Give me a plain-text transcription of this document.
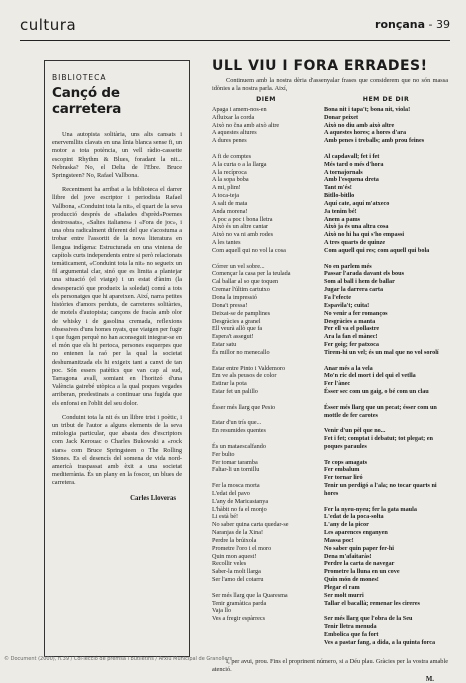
cultura	ronçana - 39
BIBLIOTECA
Cançó de carretera

Una autopista solitària, uns alts cansats i enervemllits clavats en una línia blanca sense fi, un motor a tota potència, un vell ràdio-cassette escopint Rhythm & Blues, foradant la nit... Nebraska? No, el Delta de l'Ebre. Bruce Springsteen? No, Rafael Vallbona.

Recentment ha arribat a la biblioteca el darrer llibre del jove escriptor i periodista Rafael Vallbona, «Conduint tota la nit», el quart de la seva producció després de «Balades d'sprèd»Poemes destrossats», «Saltes italianes» i «Fora de joc», i una obra radicalment diferent del que s'acostuma a trobar entre l'assortit de la nova literatura en llengua indígena: Estructurada en una vintena de capítols curts independents entre si però relacionats temàticament, «Conduint tota la nit» no segueix un fil argumental clar, sinó que es limita a plantejar una situació (el viatge) i un estat d'ànim (la desesperació que produeix la soledat) comú a tots els personatges que hi apareixen. Així, narra petites històries d'amors perduts, de carreteres solitàries, de motels d'autopista; cançons de fracàs amb olor de whisky i de gasolina cremada, reflexions obsessives d'uns homes nyats, que viatgen per fugir i que fugen perquè no han aconseguit integrar-se en el món que els hi pertoca, persones esquerpes que no entenen la raó per la qual la societat deshumanitzada els hi exigeix tant a canvi de tan poc. Són essers patètics que van cap al sud, Tarragona avall, somiant en l'horitzó d'una València gairebé utòpica a la qual poques vegades arriberan, predestinats a continuar una fugida que els enfonsi en l'oblit del seu dolor.

Conduint tota la nit és un llibre trist i poètic, i un tribut de l'autor a alguns elements de la seva mitologia particular, que abasta des d'escriptors com Jack Kerouac o Charles Bukowski a «rock stars» com Bruce Springsteen o The Rolling Stones. Es el desencís del somena de vida nord-americà traspassat amb èxit a una societat mediterrània. És un plany en la foscor, un blues de carretera.

Carles Lloveras
ULL VIU I FORA ERRADES!

Continuem amb la nostra dèria d'assenyalar frases que considerem que no són massa idònies a la nostra parla. Així,

DIEM
Apaga i amem-nos-en
Afluixar la corda
Això no čna amb això altre
A aquestes altures
A dures penes
A fi de comptes
A la curta o a la llarga
A la recíproca
A la sopa boba
A mi, plim!
A toca-teja
A salt de mata
Anda morena!
A poc a poc i bona lletra
Això és un altre cantar
Això no va ni amb rodes
A les tantes
Com aquell qui no vol la cosa
Córrer un vel sobre...
Començar la casa per la teulada
Cal ballar al so que toquen
Cremar l'últim cartutxo
Dona la impressió
Dona't pressa!
Deixat-se de pamplines
Desgràcies a granel
Ell veurà allò que fa
Espera't assegut!
Estar satu
És millor no menecallo
Estar entre Pinto i Valdemoro
Em ve als peusos de color
Estirar la pota
Estar fet un palillo
Ésser més llarg que Pesio
Estar d'un trís que...
En resumides quentes
És un mataescalfando
Fer bulto
Fer tomar taramba
Faltar-li un tornillu
Fer la mosca morta
L'edat del pavo
L'any de Maricastanya
L'hàbit no fa el monjo
Li està bé!
No saber quina carta quedar-se
Naranjas de la Xina!
Perdre la brúixola
Prometre l'oro i el moro
Quin mon aquest!
Recollir veles
Saber-la molt llarga
Ser l'amo del cotarru
Ser més llarg que la Quaresma
Tenir gramàtica parda
Vaja llo
Ves a fregir espàrrecs
HEM DE DIR
Bona nit i tapa't; bona nit, viola!
Donar peixet
Això no diu amb això altre
A aquestes hores; a hores d'ara
Amb penes i treballs; amb prou feines
Al capdavall; fet i fet
Més tard o més d'hora
A tornajornals
Amb l'esquena dreta
Tant m'és!
Bitllo-bitllo
Aquí cate, aquí m'atxeco
Ja tenim bé!
Anem a pams
Això ja és una altra cosa
Això no hi ha qui s'ho empassi
A tres quarts de quinze
Com aquell qui res; com aquell qui bola
No en parlem més
Passar l'arada davant els bous
Som al ball i hem de ballar
Jugar la darrera carta
Fa l'efecte
Espavila't; cuita!
No venir a fer romanços
Desgràcies a manta
Per ell va el pollastre
Ara la fan el mànec!
Fer goig; fer patxoca
Tirem-hi un vel; és un mal que no vol sorolí
Anar més a la vela
Mo'n ric del mort i del qui el vetlla
Fer l'ànec
Ésser sec com un gaig, o bé com un clau
Ésser més llarg que un pecat; ésser com un mottle de fer carotes
Venir d'un pèl que no...
Fet i fet; comptat i debatut; tot plegat; en poques paraules
Te cops amagats
Fer embalum
Fer tornar liró
Tenir un perdigó a l'ala; no tocar quarts ni hores
Fer la nyeu-nyeu; fer la gata maula
L'edat de la poca-solta
L'any de la picor
Les aparences enganyen
Massa poc!
No saber quin paper fer-hi
Dena m'afaitaràs!
Perdre la carta de navegar
Prometre la lluna en un cove
Quin món de mones!
Plegar el ram
Ser molt murri
Tallar el bacallà; remenar les cireres
Ser més llarg que l'obra de la Seu
Tenir lletra menuda
Embolica que fa fort
Ves a pastar fang, a dida, a la quinta forca

I, per avui, prou. Fins el proprinent número, si a Déu plau. Gràcies per la vostra amable atenció.

M.
© Document (2000), n.39 / Col·lecció de premsa i butlletins / Arxiu Municipal de Granollers
